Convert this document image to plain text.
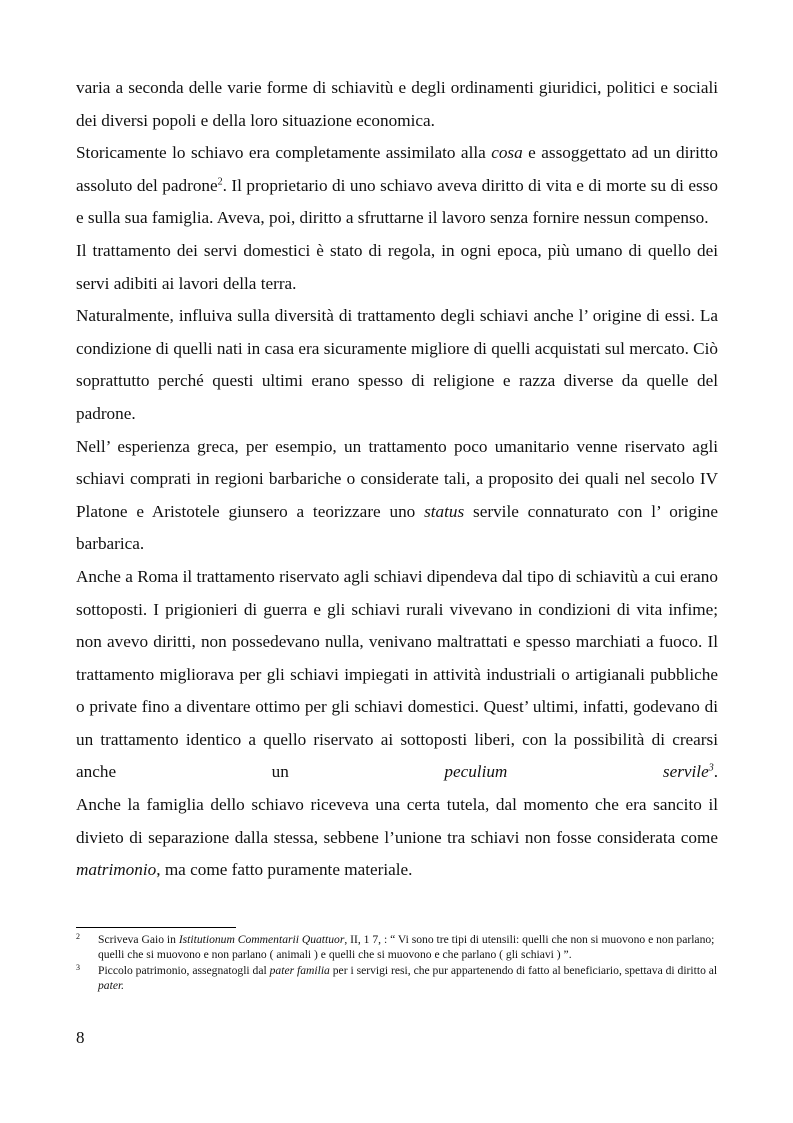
varia a seconda delle varie forme di schiavitù e degli ordinamenti giuridici, politici e sociali dei diversi popoli e della loro situazione economica.

Storicamente lo schiavo era completamente assimilato alla cosa e assoggettato ad un diritto assoluto del padrone$^2$. Il proprietario di uno schiavo aveva diritto di vita e di morte su di esso e sulla sua famiglia. Aveva, poi, diritto a sfruttarne il lavoro senza fornire nessun compenso.

Il trattamento dei servi domestici è stato di regola, in ogni epoca, più umano di quello dei servi adibiti ai lavori della terra.

Naturalmente, influiva sulla diversità di trattamento degli schiavi anche l’ origine di essi. La condizione di quelli nati in casa era sicuramente migliore di quelli acquistati sul mercato. Ciò soprattutto perché questi ultimi erano spesso di religione e razza diverse da quelle del padrone.

Nell’ esperienza greca, per esempio, un trattamento poco umanitario venne riservato agli schiavi comprati in regioni barbariche o considerate tali, a proposito dei quali nel secolo IV Platone e Aristotele giunsero a teorizzare uno status servile connaturato con l’ origine barbarica.

Anche a Roma il trattamento riservato agli schiavi dipendeva dal tipo di schiavitù a cui erano sottoposti. I prigionieri di guerra e gli schiavi rurali vivevano in condizioni di vita infime; non avevo diritti, non possedevano nulla, venivano maltrattati e spesso marchiati a fuoco. Il trattamento migliorava per gli schiavi impiegati in attività industriali o artigianali pubbliche o private fino a diventare ottimo per gli schiavi domestici. Quest’ ultimi, infatti, godevano di un trattamento identico a quello riservato ai sottoposti liberi, con la possibilità di crearsi anche un peculium servile$^3$.

Anche la famiglia dello schiavo riceveva una certa tutela, dal momento che era sancito il divieto di separazione dalla stessa, sebbene l’unione tra schiavi non fosse considerata come matrimonio, ma come fatto puramente materiale.

2 Scriveva Gaio in Istitutionum Commentarii Quattuor, II, 1 7, : “ Vi sono tre tipi di utensili: quelli che non si muovono e non parlano; quelli che si muovono e non parlano ( animali ) e quelli che si muovono e che parlano ( gli schiavi ) ”.

3 Piccolo patrimonio, assegnatogli dal pater familia per i servigi resi, che pur appartenendo di fatto al beneficiario, spettava di diritto al pater.

8
